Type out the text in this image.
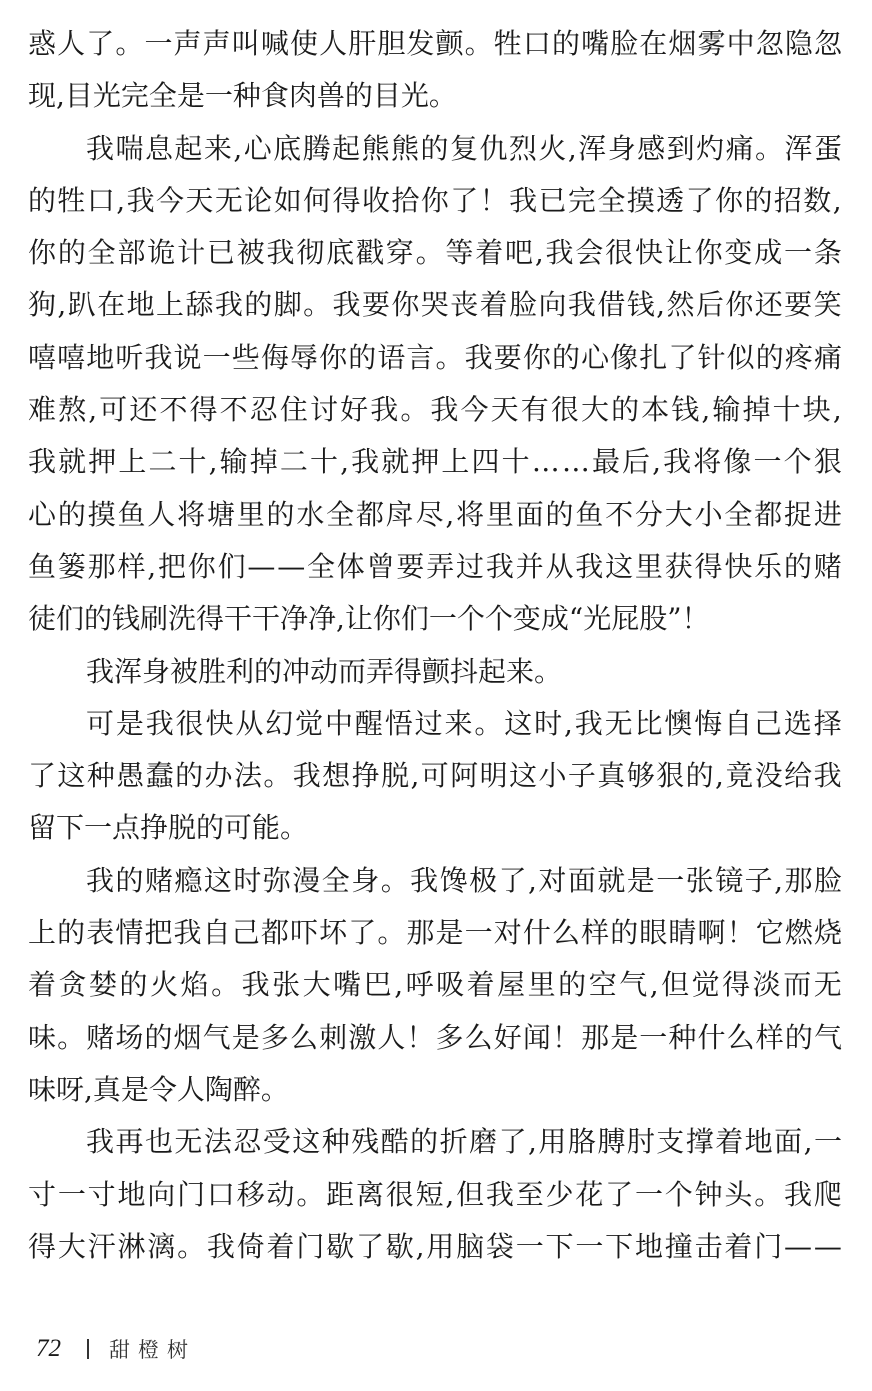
惑 人 了 。 一 声 声 叫 喊 使 人 肝 胆 发 颤 。 牲 口 的 嘴 脸 在 烟 雾 中 忽 隐 忽
现,目光完全是一种食肉兽的目光。
我 喘 息 起 来 , 心 底 腾 起 熊 熊 的 复 仇 烈 火 , 浑 身 感 到 灼 痛 。 浑 蛋
的 牲 口 , 我 今 天 无 论 如 何 得 收 拾 你 了 ！ 我 已 完 全 摸 透 了 你 的 招 数 ,
你 的 全 部 诡 计 已 被 我 彻 底 戳 穿 。 等 着 吧 , 我 会 很 快 让 你 变 成 一 条
狗 , 趴 在 地 上 舔 我 的 脚 。 我 要 你 哭 丧 着 脸 向 我 借 钱 , 然 后 你 还 要 笑
嘻 嘻 地 听 我 说 一 些 侮 辱 你 的 语 言 。 我 要 你 的 心 像 扎 了 针 似 的 疼 痛
难 熬 , 可 还 不 得 不 忍 住 讨 好 我 。 我 今 天 有 很 大 的 本 钱 , 输 掉 十 块 ,
我 就 押 上 二 十 , 输 掉 二 十 , 我 就 押 上 四 十 … … 最 后 , 我 将 像 一 个 狠
心 的 摸 鱼 人 将 塘 里 的 水 全 都 戽 尽 , 将 里 面 的 鱼 不 分 大 小 全 都 捉 进
鱼 篓 那 样 , 把 你 们 — — 全 体 曾 要 弄 过 我 并 从 我 这 里 获 得 快 乐 的 赌
徒们的钱刷洗得干干净净,让你们一个个变成“光屁股”！
我浑身被胜利的冲动而弄得颤抖起来。
可 是 我 很 快 从 幻 觉 中 醒 悟 过 来 。 这 时 , 我 无 比 懊 悔 自 己 选 择
了 这 种 愚 蠢 的 办 法 。 我 想 挣 脱 , 可 阿 明 这 小 子 真 够 狠 的 , 竟 没 给 我
留下一点挣脱的可能。
我 的 赌 瘾 这 时 弥 漫 全 身 。 我 馋 极 了 , 对 面 就 是 一 张 镜 子 , 那 脸
上 的 表 情 把 我 自 己 都 吓 坏 了 。 那 是 一 对 什 么 样 的 眼 睛 啊 ！ 它 燃 烧
着 贪 婪 的 火 焰 。 我 张 大 嘴 巴 , 呼 吸 着 屋 里 的 空 气 , 但 觉 得 淡 而 无
味 。 赌 场 的 烟 气 是 多 么 刺 激 人 ！ 多 么 好 闻 ！ 那 是 一 种 什 么 样 的 气
味呀,真是令人陶醉。
我 再 也 无 法 忍 受 这 种 残 酷 的 折 磨 了 , 用 胳 膊 肘 支 撑 着 地 面 , 一
寸 一 寸 地 向 门 口 移 动 。 距 离 很 短 , 但 我 至 少 花 了 一 个 钟 头 。 我 爬
得 大 汗 淋 漓 。 我 倚 着 门 歇 了 歇 , 用 脑 袋 一 下 一 下 地 撞 击 着 门 — —
72 甜橙树
